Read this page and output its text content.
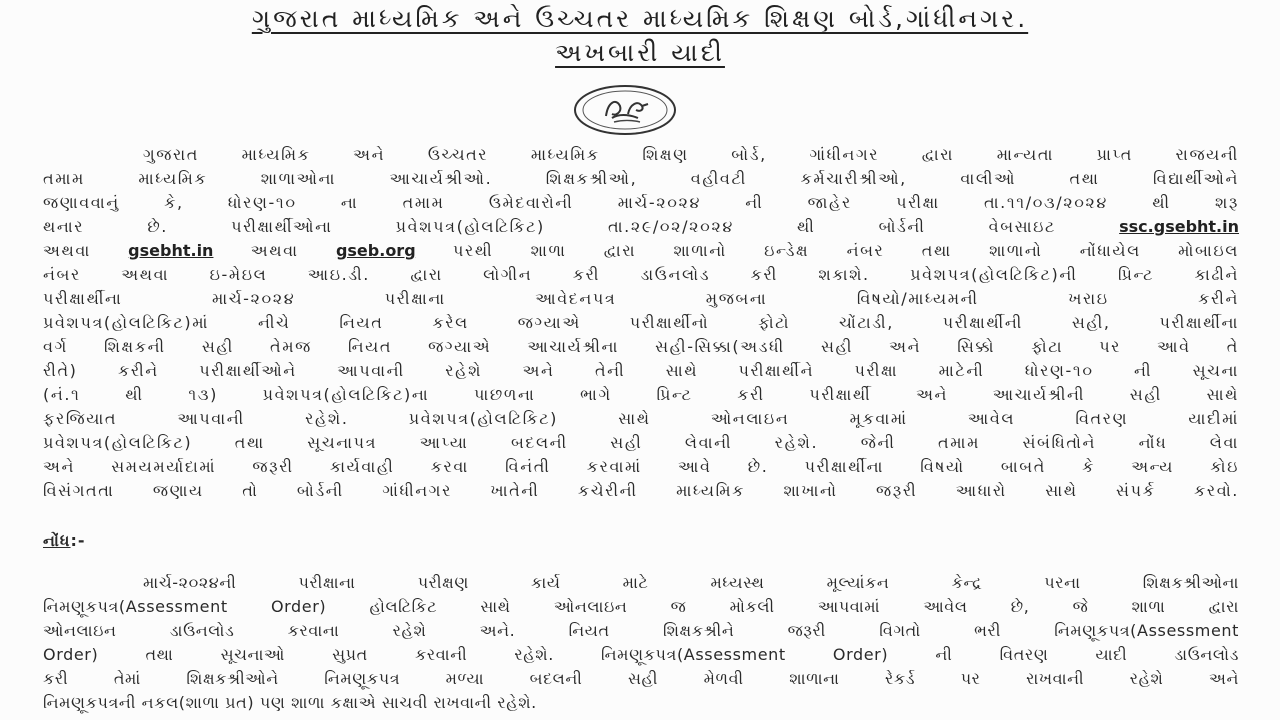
ગુજરાત માધ્યમિક અને ઉચ્ચતર માધ્યમિક શિક્ષણ બોર્ડ,ગાંધીનગર.
અખબારી યાદી
ગુજરાત માધ્યમિક અને ઉચ્ચતર માધ્યમિક શિક્ષણ બોર્ડ, ગાંધીનગર દ્વારા માન્યતા પ્રાપ્ત રાજયની
તમામ માધ્યમિક શાળાઓના આચાર્યશ્રીઓ. શિક્ષકશ્રીઓ, વહીવટી કર્મચારીશ્રીઓ, વાલીઓ તથા વિદ્યાર્થીઓને
જણાવવાનું કે, ધોરણ-૧૦ ના તમામ ઉમેદવારોની માર્ચ-૨૦૨૪ ની જાહેર પરીક્ષા તા.૧૧/૦૩/૨૦૨૪ થી શરૂ
થનાર છે. પરીક્ષાર્થીઓના પ્રવેશપત્ર(હોલટિકિટ) તા.૨૯/૦૨/૨૦૨૪ થી બોર્ડની વેબસાઇટ	ssc.gsebht.in
અથવા gsebht.in અથવા gseb.org પરથી શાળા દ્વારા શાળાનો ઇન્ડેક્ષ નંબર તથા શાળાનો નોંધાયેલ મોબાઇલ
નંબર અથવા ઇ-મેઇલ આઇ.ડી. દ્વારા લોગીન કરી ડાઉનલોડ કરી શકાશે. પ્રવેશપત્ર(હોલટિકિટ)ની પ્રિન્ટ કાઢીને
પરીક્ષાર્થીના માર્ચ-૨૦૨૪ પરીક્ષાના આવેદનપત્ર મુજબના વિષયો/માધ્યમની ખરાઇ કરીને
પ્રવેશપત્ર(હોલટિકિટ)માં નીચે નિયત કરેલ જગ્યાએ પરીક્ષાર્થીનો ફોટો ચોંટાડી, પરીક્ષાર્થીની સહી, પરીક્ષાર્થીના
વર્ગ શિક્ષકની સહી તેમજ નિયત જગ્યાએ આચાર્યશ્રીના સહી-સિક્કા(અડધી સહી અને સિક્કો ફોટા પર આવે તે
રીતે) કરીને પરીક્ષાર્થીઓને આપવાની રહેશે અને તેની સાથે પરીક્ષાર્થીને પરીક્ષા માટેની ધોરણ-૧૦ ની સૂચના
(નં.૧ થી ૧૩) પ્રવેશપત્ર(હોલટિકિટ)ના પાછળના ભાગે પ્રિન્ટ કરી પરીક્ષાર્થી અને આચાર્યશ્રીની સહી સાથે
ફરજિયાત આપવાની રહેશે. પ્રવેશપત્ર(હોલટિકિટ) સાથે ઓનલાઇન મૂકવામાં આવેલ વિતરણ યાદીમાં
પ્રવેશપત્ર(હોલટિકિટ) તથા સૂચનાપત્ર આપ્યા બદલની સહી લેવાની રહેશે. જેની તમામ સંબંધિતોને નોંધ લેવા
અને સમયમર્યાદામાં જરૂરી કાર્યવાહી કરવા વિનંતી કરવામાં આવે છે. પરીક્ષાર્થીના વિષયો બાબતે કે અન્ય કોઇ
વિસંગતતા જણાય તો બોર્ડની ગાંધીનગર ખાતેની કચેરીની માધ્યમિક શાખાનો જરૂરી આધારો સાથે સંપર્ક કરવો.
નોંધ:-
માર્ચ-૨૦૨૪ની પરીક્ષાના પરીક્ષણ કાર્ય માટે મધ્યસ્થ મૂલ્યાંકન કેન્દ્ર પરના શિક્ષકશ્રીઓના
નિમણૂકપત્ર(Assessment Order) હોલટિકિટ સાથે ઓનલાઇન જ મોકલી આપવામાં આવેલ છે, જે શાળા દ્વારા
ઓનલાઇન ડાઉનલોડ કરવાના રહેશે અને. નિયત શિક્ષકશ્રીને જરૂરી વિગતો ભરી નિમણૂકપત્ર(Assessment
Order) તથા સૂચનાઓ સુપ્રત કરવાની રહેશે. નિમણૂકપત્ર(Assessment Order) ની વિતરણ યાદી ડાઉનલોડ
કરી તેમાં શિક્ષકશ્રીઓને નિમણૂકપત્ર મળ્યા બદલની સહી મેળવી શાળાના રેકર્ડ પર રાખવાની રહેશે અને
નિમણૂકપત્રની નકલ(શાળા પ્રત) પણ શાળા કક્ષાએ સાચવી રાખવાની રહેશે.
